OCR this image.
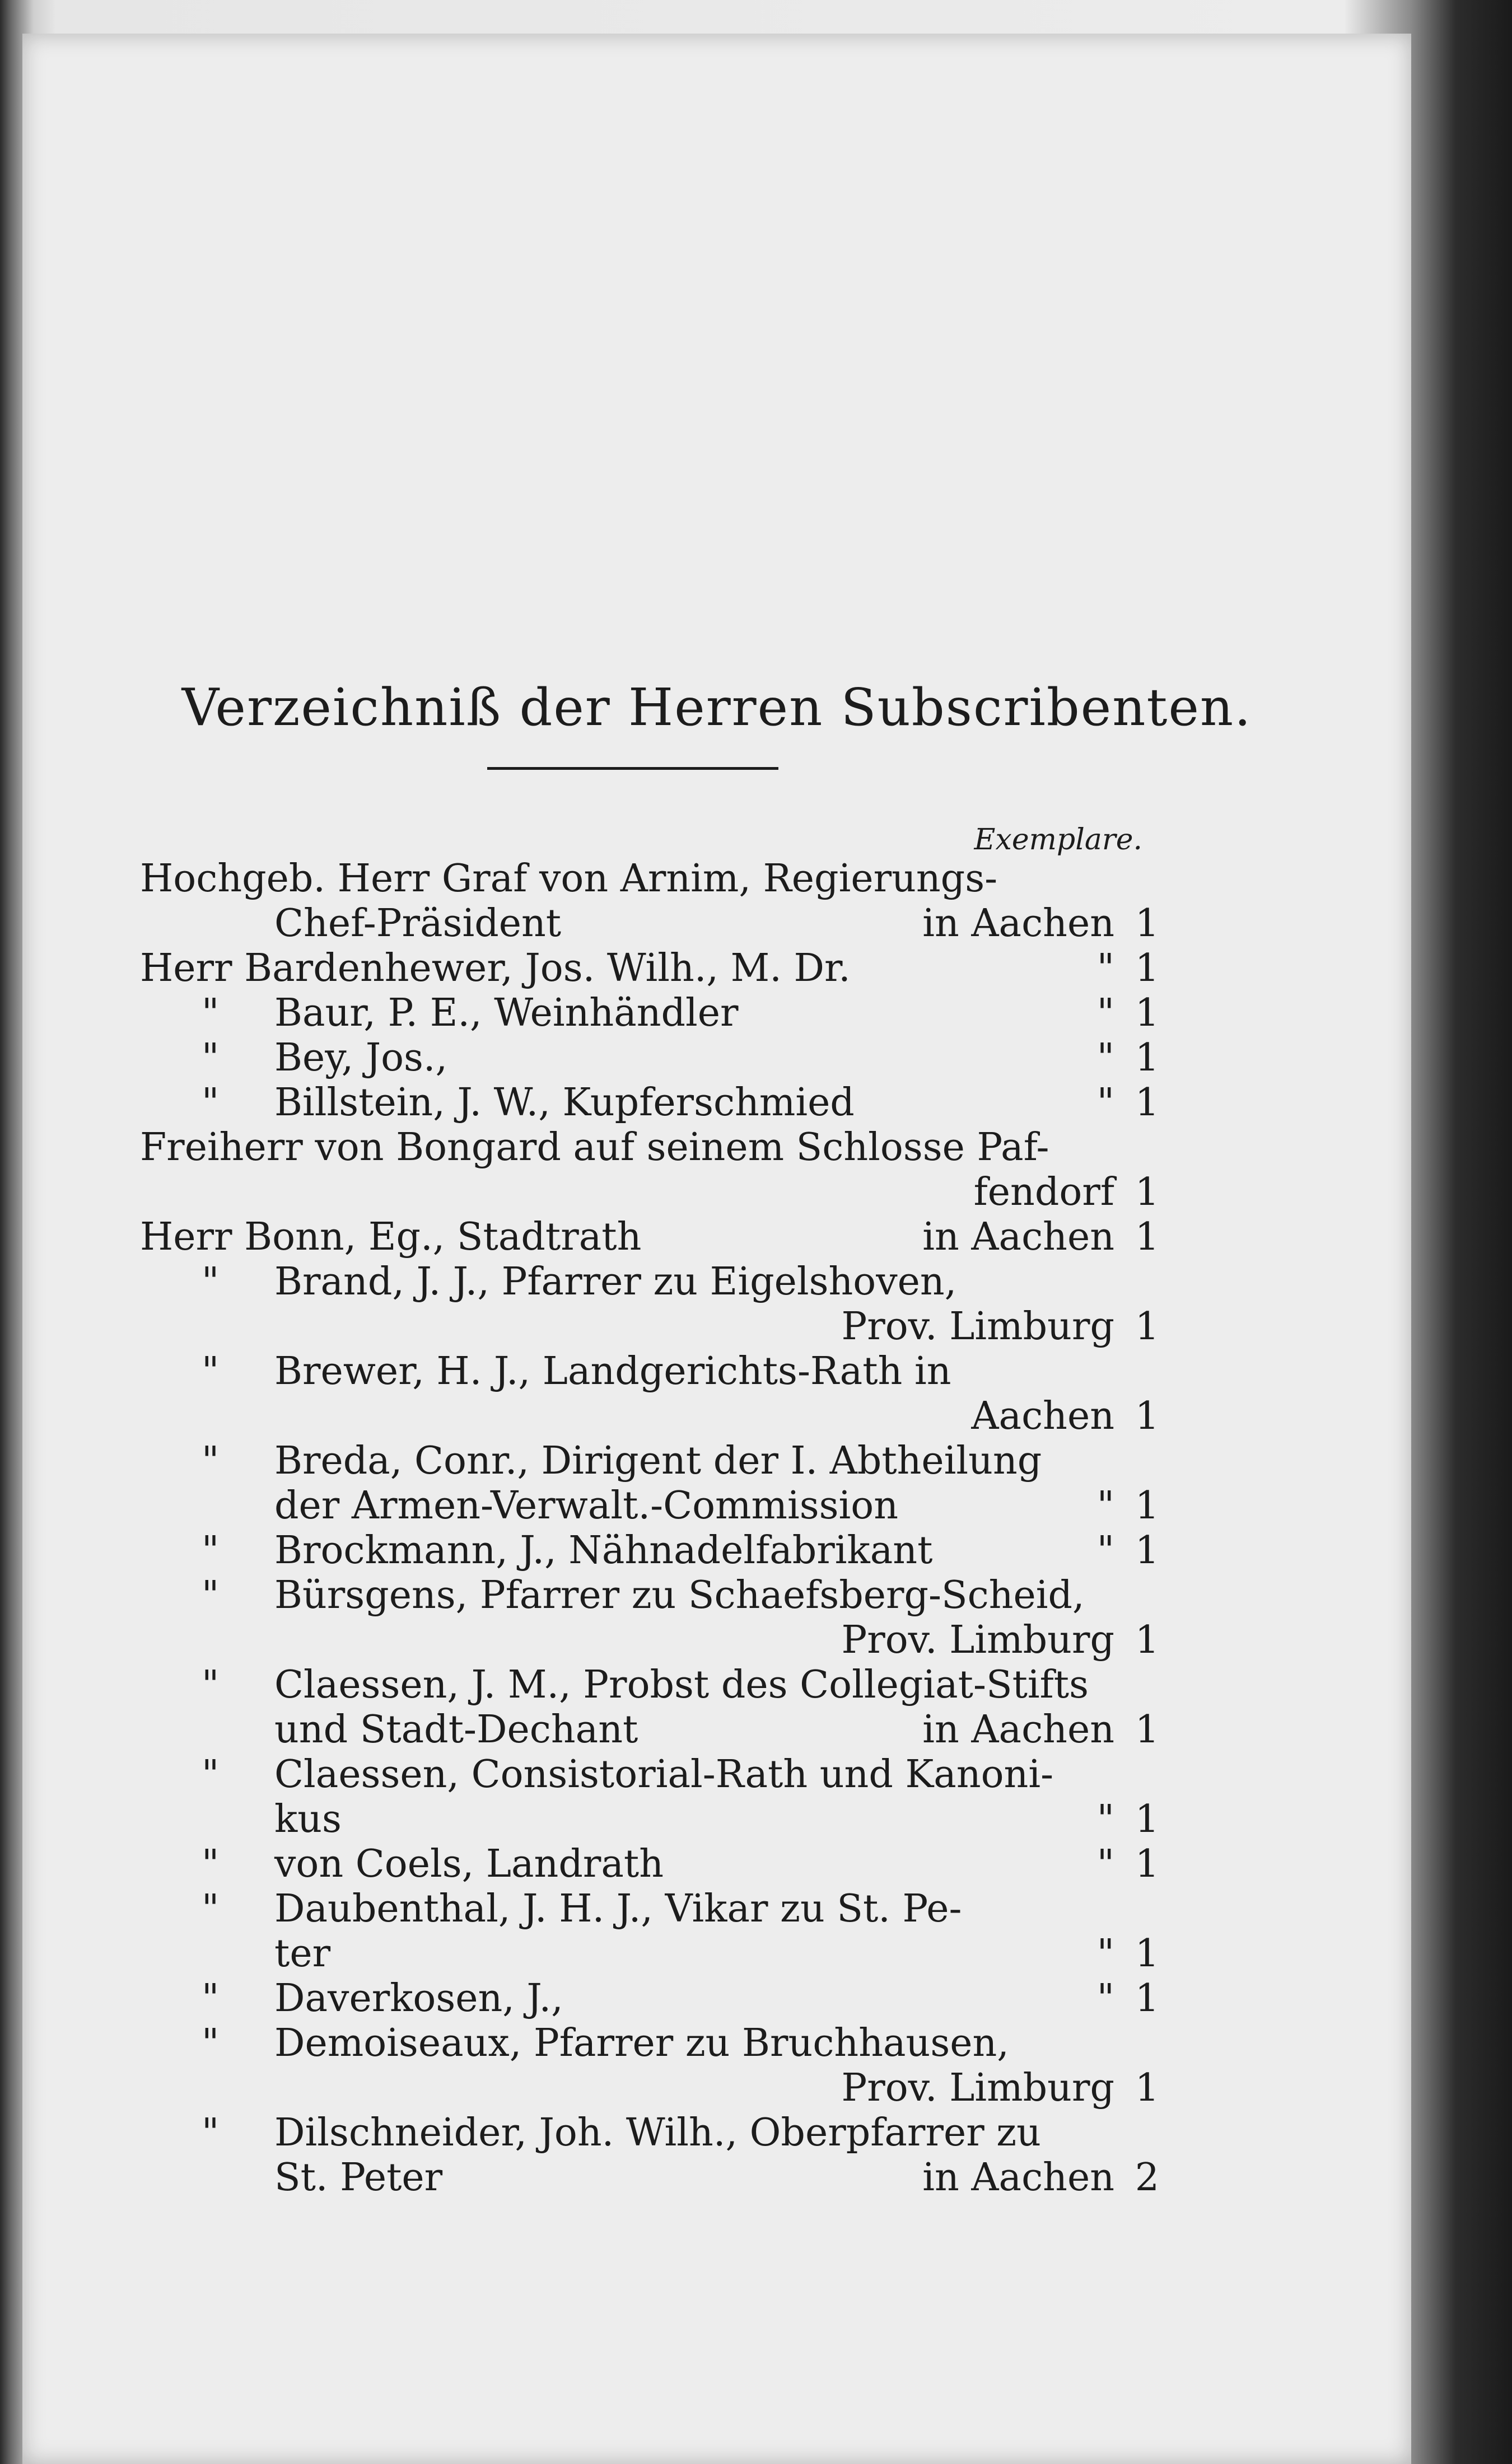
Verzeichniß der Herren Subscribenten.
Exemplare.
Hochgeb. Herr Graf von Arnim, Regierungs-
Chef-Präsident	in Aachen 1
Herr Bardenhewer, Jos. Wilh., M. Dr.	" 1
" Baur, P. E., Weinhändler	" 1
" Bey, Jos.,	" 1
" Billstein, J. W., Kupferschmied	" 1
Freiherr von Bongard auf seinem Schlosse Paf-
fendorf 1
Herr Bonn, Eg., Stadtrath	in Aachen 1
" Brand, J. J., Pfarrer zu Eigelshoven,
Prov. Limburg 1
" Brewer, H. J., Landgerichts-Rath in
Aachen 1
" Breda, Conr., Dirigent der I. Abtheilung
der Armen-Verwalt.-Commission	" 1
" Brockmann, J., Nähnadelfabrikant	" 1
" Bürsgens, Pfarrer zu Schaefsberg-Scheid,
Prov. Limburg 1
" Claessen, J. M., Probst des Collegiat-Stifts
und Stadt-Dechant	in Aachen 1
" Claessen, Consistorial-Rath und Kanoni-
kus	" 1
" von Coels, Landrath	" 1
" Daubenthal, J. H. J., Vikar zu St. Pe-
ter	" 1
" Daverkosen, J.,	" 1
" Demoiseaux, Pfarrer zu Bruchhausen,
Prov. Limburg 1
" Dilschneider, Joh. Wilh., Oberpfarrer zu
St. Peter	in Aachen 2
